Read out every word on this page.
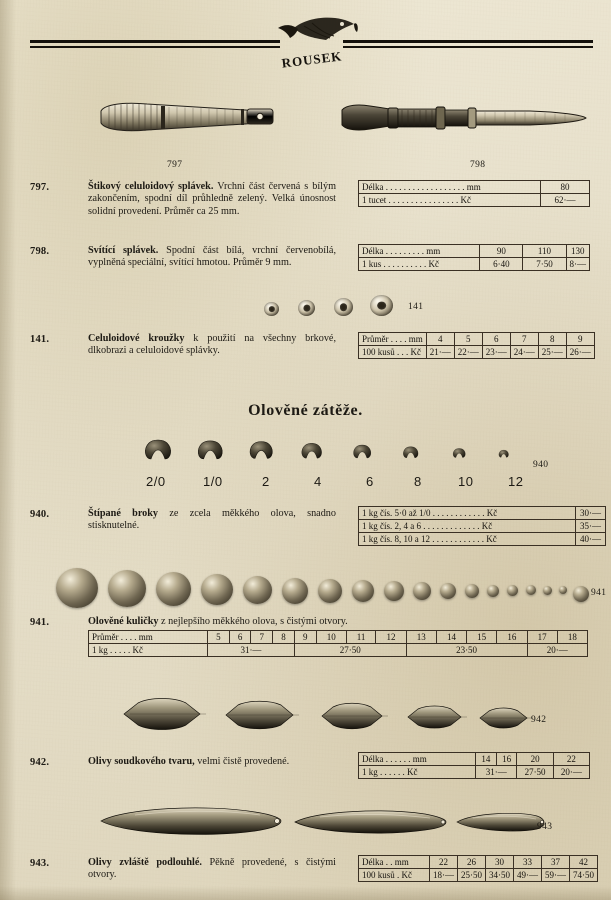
ROUSEK
797	798
797.	Štikový celuloidový splávek. Vrchní část červená s bílým zakončením, spodní díl průhledně zelený. Velká únosnost solidní provedení. Průměr ca 25 mm.
Délka . . . . . . . . . . . . . . . . . . mm	80
1 tucet . . . . . . . . . . . . . . . . Kč	62·—
798.	Svítící splávek. Spodní část bílá, vrchní červenobílá, vyplněná speciální, svítící hmotou. Průměr 9 mm.
Délka . . . . . . . . . mm	90	110	130
1 kus . . . . . . . . . . Kč	6·40	7·50	8·—
141
141.	Celuloidové kroužky k použití na všechny brkové, dlkobrazi a celuloidové splávky.
Průměr . . . . mm	4	5	6	7	8	9
100 kusů . . . Kč	21·—	22·—	23·—	24·—	25·—	26·—
Olověné zátěže.
940
2/0	1/0	2	4	6	8	10	12
940.	Štípané broky ze zcela měkkého olova, snadno stisknutelné.
1 kg čís. 5·0 až 1/0 . . . . . . . . . . . . Kč	30·—
1 kg čís. 2, 4 a 6 . . . . . . . . . . . . . Kč	35·—
1 kg čís. 8, 10 a 12 . . . . . . . . . . . . Kč	40·—
941
941.	Olověné kuličky z nejlepšího měkkého olova, s čistými otvory.
Průměr . . . . mm	5	6	7	8	9	10	11	12	13	14	15	16	17	18
1 kg . . . . . Kč	31·—				27·50				23·50				20·—	
942
942.	Olivy soudkového tvaru, velmi čistě provedené.	Délka . . . . . . mm	14	16	20	22
1 kg . . . . . . Kč	31·—		27·50	20·—
943
943.	Olivy zvláště podlouhlé. Pěkně provedené, s čistými otvory.
Délka . . mm	22	26	30	33	37	42
100 kusů . Kč	18·—	25·50	34·50	49·—	59·—	74·50
